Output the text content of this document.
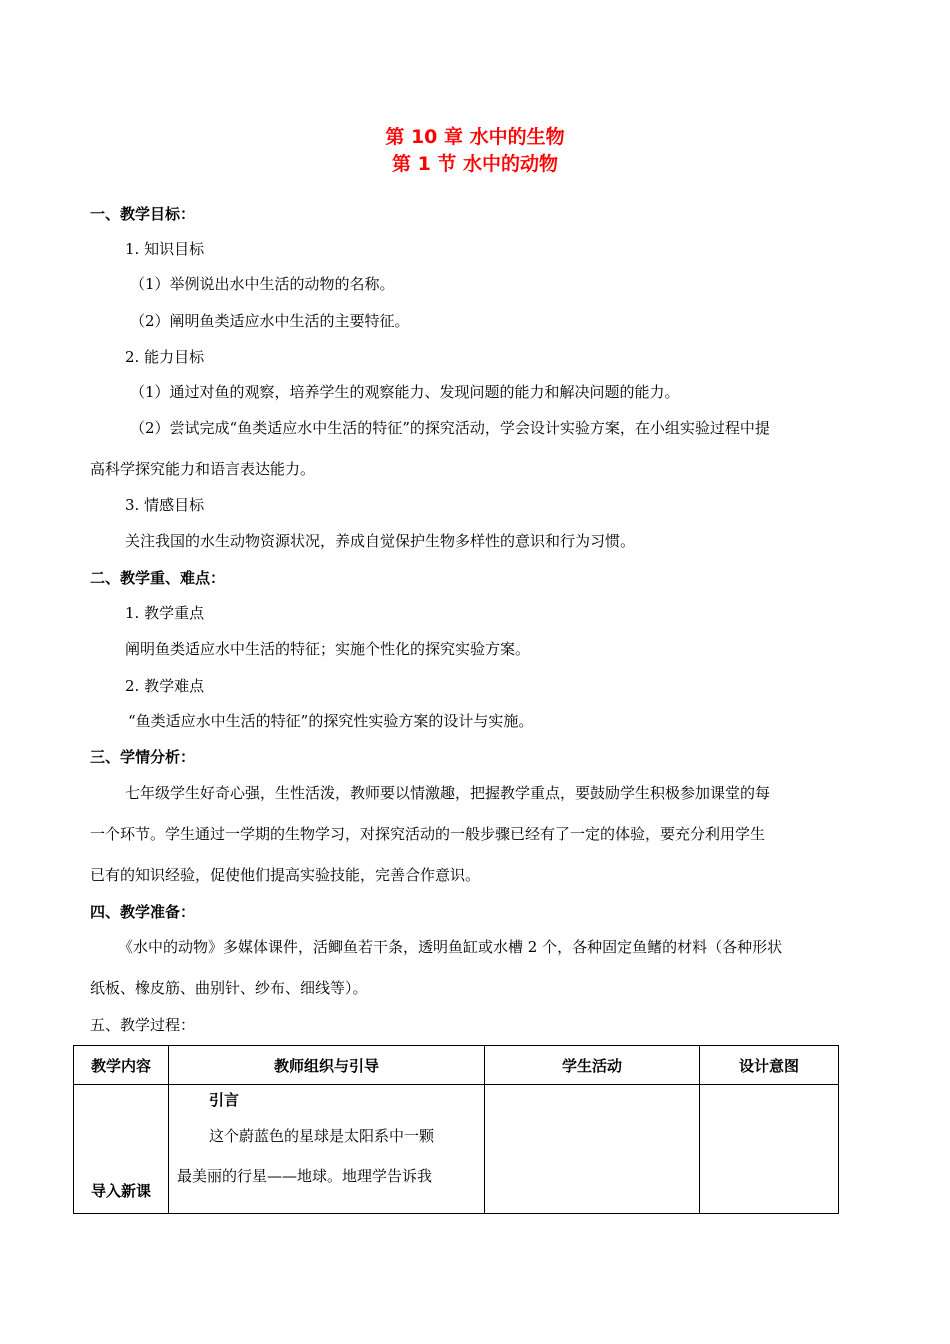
第 10 章 水中的生物
第 1 节 水中的动物
一、教学目标：
1. 知识目标
（1）举例说出水中生活的动物的名称。
（2）阐明鱼类适应水中生活的主要特征。
2. 能力目标
（1）通过对鱼的观察，培养学生的观察能力、发现问题的能力和解决问题的能力。
（2）尝试完成“鱼类适应水中生活的特征”的探究活动，学会设计实验方案，在小组实验过程中提
高科学探究能力和语言表达能力。
3. 情感目标
关注我国的水生动物资源状况，养成自觉保护生物多样性的意识和行为习惯。
二、教学重、难点：
1. 教学重点
阐明鱼类适应水中生活的特征；实施个性化的探究实验方案。
2. 教学难点
“鱼类适应水中生活的特征”的探究性实验方案的设计与实施。
三、学情分析：
七年级学生好奇心强，生性活泼，教师要以情激趣，把握教学重点，要鼓励学生积极参加课堂的每
一个环节。学生通过一学期的生物学习，对探究活动的一般步骤已经有了一定的体验，要充分利用学生
已有的知识经验，促使他们提高实验技能，完善合作意识。
四、教学准备：
《水中的动物》多媒体课件，活鲫鱼若干条，透明鱼缸或水槽 2 个，各种固定鱼鳍的材料（各种形状
纸板、橡皮筋、曲别针、纱布、细线等）。
五、教学过程：
教学内容	教师组织与引导	学生活动	设计意图
导入新课	引言
这个蔚蓝色的星球是太阳系中一颗
最美丽的行星——地球。地理学告诉我		
